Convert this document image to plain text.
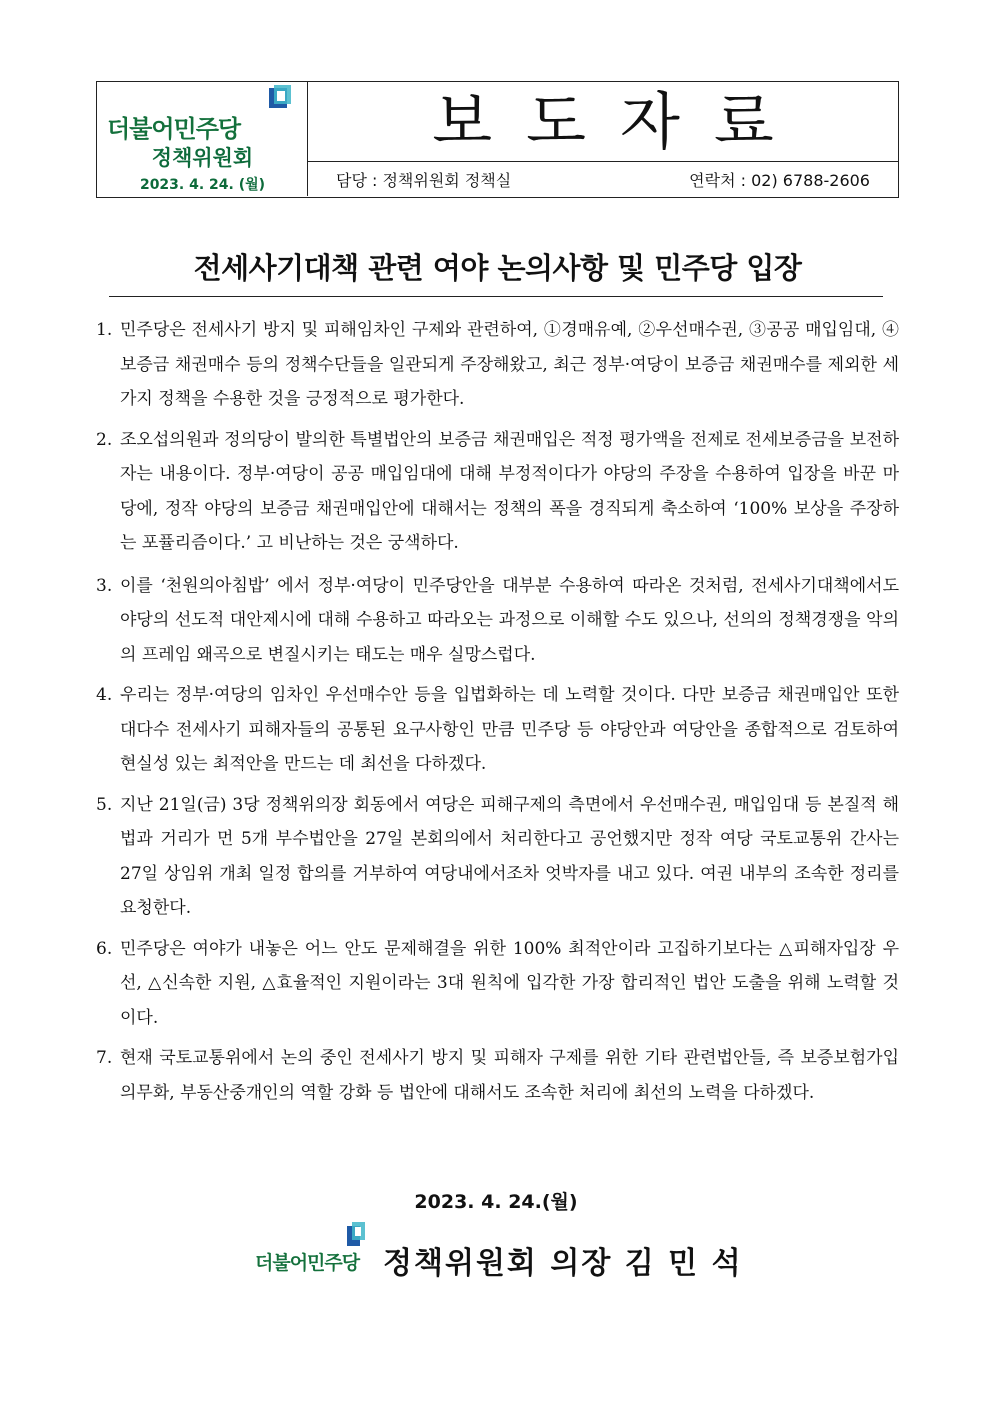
더불어민주당
정책위원회
2023. 4. 24. (월)
보도자료
담당 : 정책위원회 정책실	연락처 : 02) 6788-2606
전세사기대책 관련 여야 논의사항 및 민주당 입장
1. 민주당은 전세사기 방지 및 피해임차인 구제와 관련하여, ①경매유예, ②우선매수권, ③공공 매입임대, ④보증금 채권매수 등의 정책수단들을 일관되게 주장해왔고, 최근 정부·여당이 보증금 채권매수를 제외한 세 가지 정책을 수용한 것을 긍정적으로 평가한다.
2. 조오섭의원과 정의당이 발의한 특별법안의 보증금 채권매입은 적정 평가액을 전제로 전세보증금을 보전하자는 내용이다. 정부·여당이 공공 매입임대에 대해 부정적이다가 야당의 주장을 수용하여 입장을 바꾼 마당에, 정작 야당의 보증금 채권매입안에 대해서는 정책의 폭을 경직되게 축소하여 ‘100% 보상을 주장하는 포퓰리즘이다.’ 고 비난하는 것은 궁색하다.
3. 이를 ‘천원의아침밥’ 에서 정부·여당이 민주당안을 대부분 수용하여 따라온 것처럼, 전세사기대책에서도 야당의 선도적 대안제시에 대해 수용하고 따라오는 과정으로 이해할 수도 있으나, 선의의 정책경쟁을 악의의 프레임 왜곡으로 변질시키는 태도는 매우 실망스럽다.
4. 우리는 정부·여당의 임차인 우선매수안 등을 입법화하는 데 노력할 것이다. 다만 보증금 채권매입안 또한 대다수 전세사기 피해자들의 공통된 요구사항인 만큼 민주당 등 야당안과 여당안을 종합적으로 검토하여 현실성 있는 최적안을 만드는 데 최선을 다하겠다.
5. 지난 21일(금) 3당 정책위의장 회동에서 여당은 피해구제의 측면에서 우선매수권, 매입임대 등 본질적 해법과 거리가 먼 5개 부수법안을 27일 본회의에서 처리한다고 공언했지만 정작 여당 국토교통위 간사는 27일 상임위 개최 일정 합의를 거부하여 여당내에서조차 엇박자를 내고 있다. 여권 내부의 조속한 정리를 요청한다.
6. 민주당은 여야가 내놓은 어느 안도 문제해결을 위한 100% 최적안이라 고집하기보다는 △피해자입장 우선, △신속한 지원, △효율적인 지원이라는 3대 원칙에 입각한 가장 합리적인 법안 도출을 위해 노력할 것이다.
7. 현재 국토교통위에서 논의 중인 전세사기 방지 및 피해자 구제를 위한 기타 관련법안들, 즉 보증보험가입 의무화, 부동산중개인의 역할 강화 등 법안에 대해서도 조속한 처리에 최선의 노력을 다하겠다.
2023. 4. 24.(월)
더불어민주당 정책위원회 의장 김 민 석
